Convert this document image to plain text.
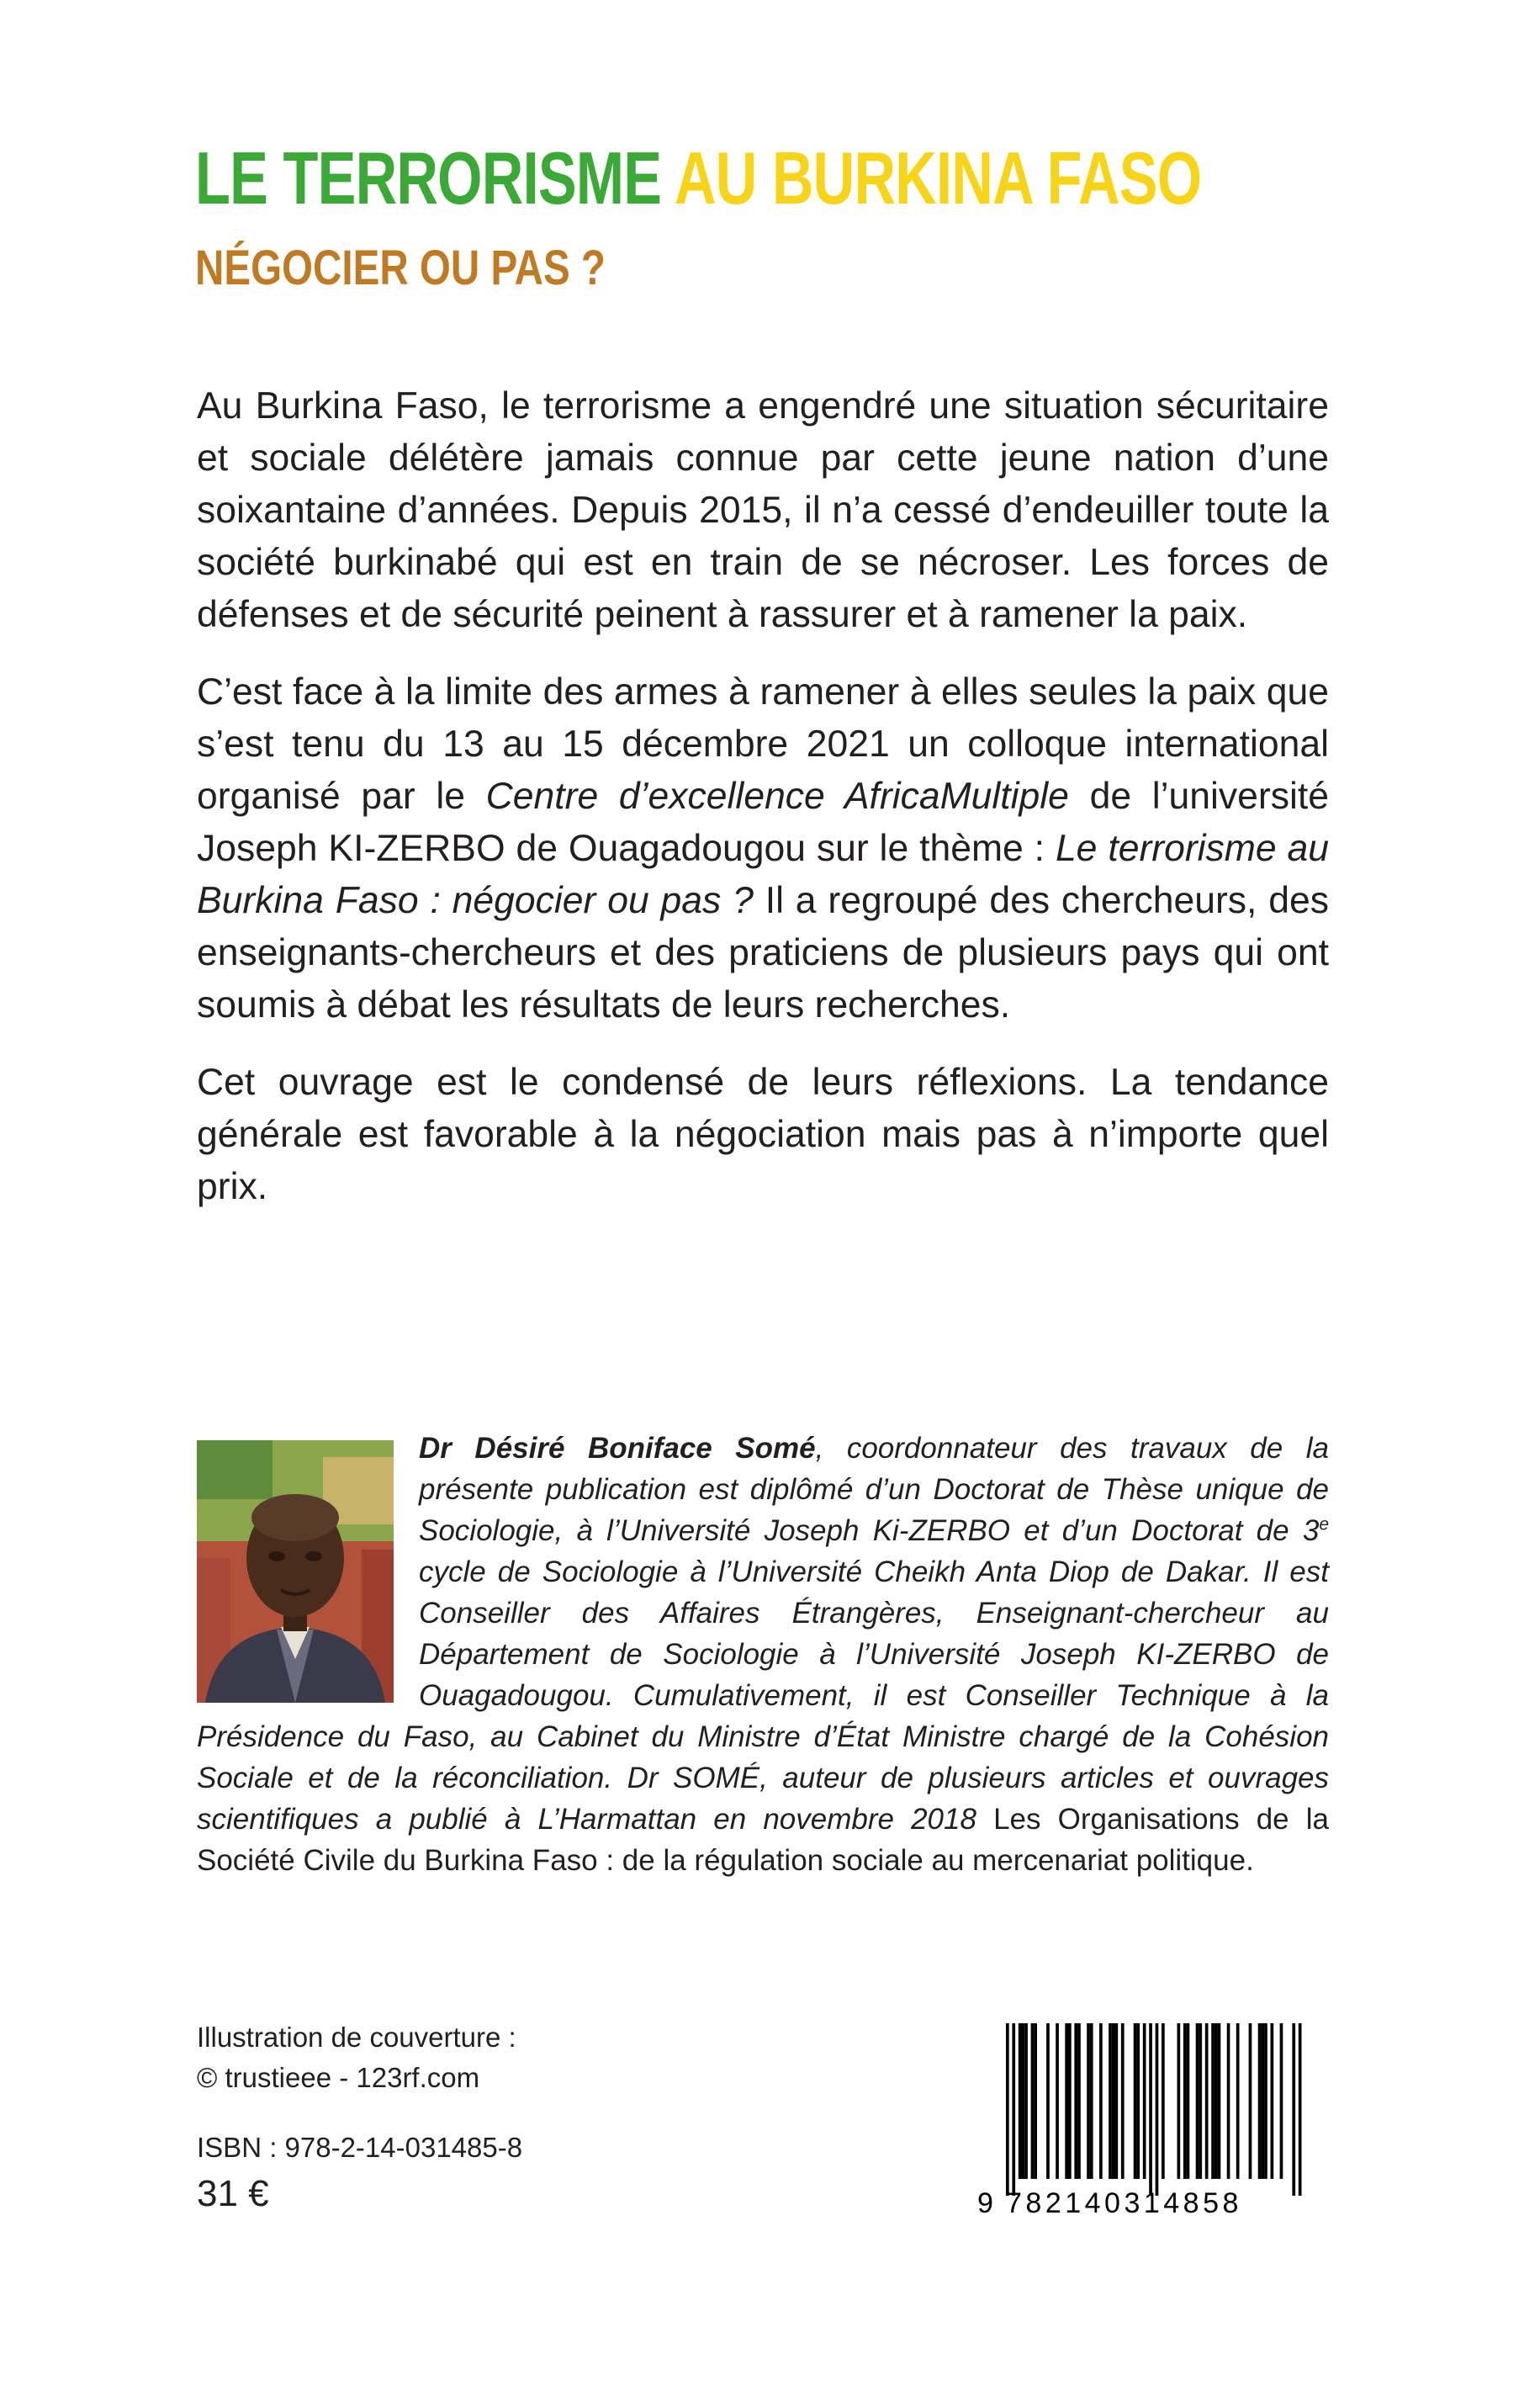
LE TERRORISME AU BURKINA FASO
NÉGOCIER OU PAS ?

Au Burkina Faso, le terrorisme a engendré une situation sécuritaire et sociale délétère jamais connue par cette jeune nation d’une soixantaine d’années. Depuis 2015, il n’a cessé d’endeuiller toute la société burkinabé qui est en train de se nécroser. Les forces de défenses et de sécurité peinent à rassurer et à ramener la paix.

C’est face à la limite des armes à ramener à elles seules la paix que s’est tenu du 13 au 15 décembre 2021 un colloque international organisé par le Centre d’excellence AfricaMultiple de l’université Joseph KI-ZERBO de Ouagadougou sur le thème : Le terrorisme au Burkina Faso : négocier ou pas ? Il a regroupé des chercheurs, des enseignants-chercheurs et des praticiens de plusieurs pays qui ont soumis à débat les résultats de leurs recherches.

Cet ouvrage est le condensé de leurs réflexions. La tendance générale est favorable à la négociation mais pas à n’importe quel prix.

Dr Désiré Boniface Somé, coordonnateur des travaux de la présente publication est diplômé d’un Doctorat de Thèse unique de Sociologie, à l’Université Joseph Ki-ZERBO et d’un Doctorat de 3e cycle de Sociologie à l’Université Cheikh Anta Diop de Dakar. Il est Conseiller des Affaires Étrangères, Enseignant-chercheur au Département de Sociologie à l’Université Joseph KI-ZERBO de Ouagadougou. Cumulativement, il est Conseiller Technique à la Présidence du Faso, au Cabinet du Ministre d’État Ministre chargé de la Cohésion Sociale et de la réconciliation. Dr SOMÉ, auteur de plusieurs articles et ouvrages scientifiques a publié à L’Harmattan en novembre 2018 Les Organisations de la Société Civile du Burkina Faso : de la régulation sociale au mercenariat politique.
Illustration de couverture :
© trustieee - 123rf.com
ISBN : 978-2-14-031485-8
31 €	9 782140314858
